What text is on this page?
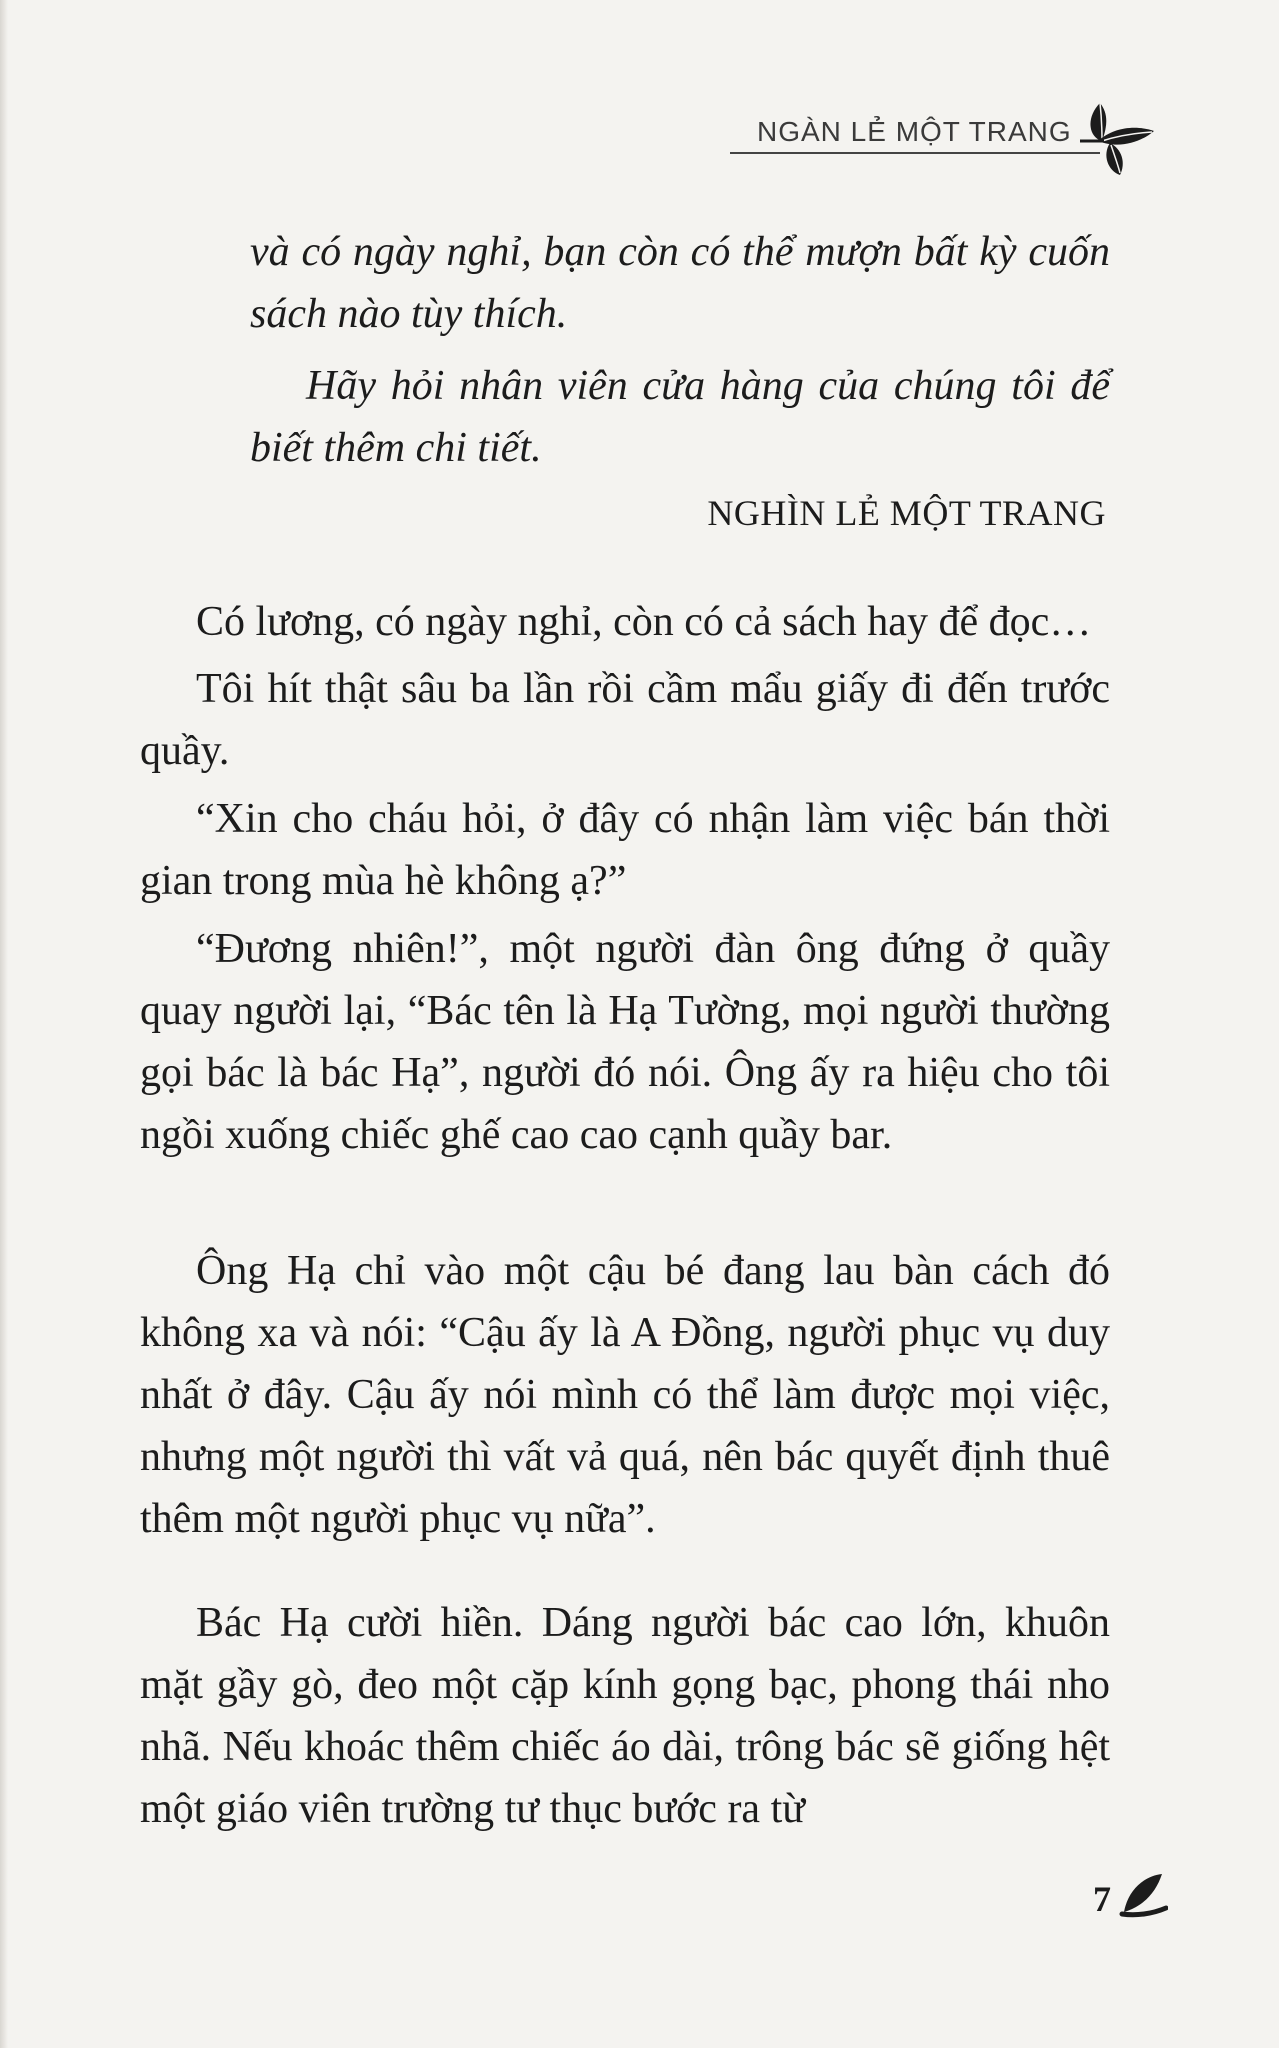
NGÀN LẺ MỘT TRANG

và có ngày nghỉ, bạn còn có thể mượn bất kỳ cuốn sách nào tùy thích.

Hãy hỏi nhân viên cửa hàng của chúng tôi để biết thêm chi tiết.

NGHÌN LẺ MỘT TRANG

Có lương, có ngày nghỉ, còn có cả sách hay để đọc…

Tôi hít thật sâu ba lần rồi cầm mẩu giấy đi đến trước quầy.

“Xin cho cháu hỏi, ở đây có nhận làm việc bán thời gian trong mùa hè không ạ?”

“Đương nhiên!”, một người đàn ông đứng ở quầy quay người lại, “Bác tên là Hạ Tường, mọi người thường gọi bác là bác Hạ”, người đó nói. Ông ấy ra hiệu cho tôi ngồi xuống chiếc ghế cao cao cạnh quầy bar.

Ông Hạ chỉ vào một cậu bé đang lau bàn cách đó không xa và nói: “Cậu ấy là A Đồng, người phục vụ duy nhất ở đây. Cậu ấy nói mình có thể làm được mọi việc, nhưng một người thì vất vả quá, nên bác quyết định thuê thêm một người phục vụ nữa”.

Bác Hạ cười hiền. Dáng người bác cao lớn, khuôn mặt gầy gò, đeo một cặp kính gọng bạc, phong thái nho nhã. Nếu khoác thêm chiếc áo dài, trông bác sẽ giống hệt một giáo viên trường tư thục bước ra từ

7
